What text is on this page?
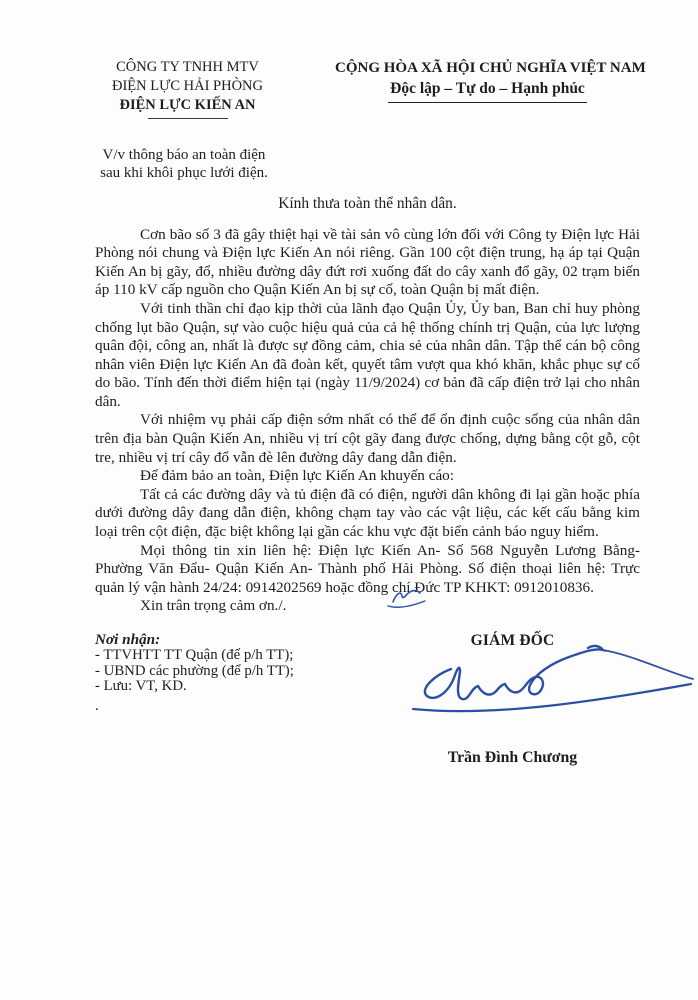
CÔNG TY TNHH MTV
ĐIỆN LỰC HẢI PHÒNG
ĐIỆN LỰC KIẾN AN
CỘNG HÒA XÃ HỘI CHỦ NGHĨA VIỆT NAM
Độc lập – Tự do – Hạnh phúc
V/v thông báo an toàn điện sau khi khôi phục lưới điện.
Kính thưa toàn thể nhân dân.

Cơn bão số 3 đã gây thiệt hại về tài sản vô cùng lớn đối với Công ty Điện lực Hải Phòng nói chung và Điện lực Kiến An nói riêng. Gần 100 cột điện trung, hạ áp tại Quận Kiến An bị gãy, đổ, nhiều đường dây đứt rơi xuống đất do cây xanh đổ gãy, 02 trạm biến áp 110 kV cấp nguồn cho Quận Kiến An bị sự cố, toàn Quận bị mất điện.

Với tinh thần chỉ đạo kịp thời của lãnh đạo Quận Ủy, Ủy ban, Ban chỉ huy phòng chống lụt bão Quận, sự vào cuộc hiệu quả của cả hệ thống chính trị Quận, của lực lượng quân đội, công an, nhất là được sự đồng cảm, chia sẻ của nhân dân. Tập thể cán bộ công nhân viên Điện lực Kiến An đã đoàn kết, quyết tâm vượt qua khó khăn, khắc phục sự cố do bão. Tính đến thời điểm hiện tại (ngày 11/9/2024) cơ bản đã cấp điện trở lại cho nhân dân.

Với nhiệm vụ phải cấp điện sớm nhất có thể để ổn định cuộc sống của nhân dân trên địa bàn Quận Kiến An, nhiều vị trí cột gãy đang được chống, dựng bằng cột gỗ, cột tre, nhiều vị trí cây đổ vẫn đè lên đường dây đang dẫn điện.

Để đảm bảo an toàn, Điện lực Kiến An khuyến cáo:

Tất cả các đường dây và tủ điện đã có điện, người dân không đi lại gần hoặc phía dưới đường dây đang dẫn điện, không chạm tay vào các vật liệu, các kết cấu bằng kim loại trên cột điện, đặc biệt không lại gần các khu vực đặt biển cảnh báo nguy hiểm.

Mọi thông tin xin liên hệ: Điện lực Kiến An- Số 568 Nguyễn Lương Bằng- Phường Văn Đẩu- Quận Kiến An- Thành phố Hải Phòng. Số điện thoại liên hệ: Trực quản lý vận hành 24/24: 0914202569 hoặc đồng chí Đức TP KHKT: 0912010836.

Xin trân trọng cảm ơn./.
Nơi nhận:

- TTVHTT TT Quận (để p/h TT);

- UBND các phường (để p/h TT);

- Lưu: VT, KD.

.

GIÁM ĐỐC
Trần Đình Chương
